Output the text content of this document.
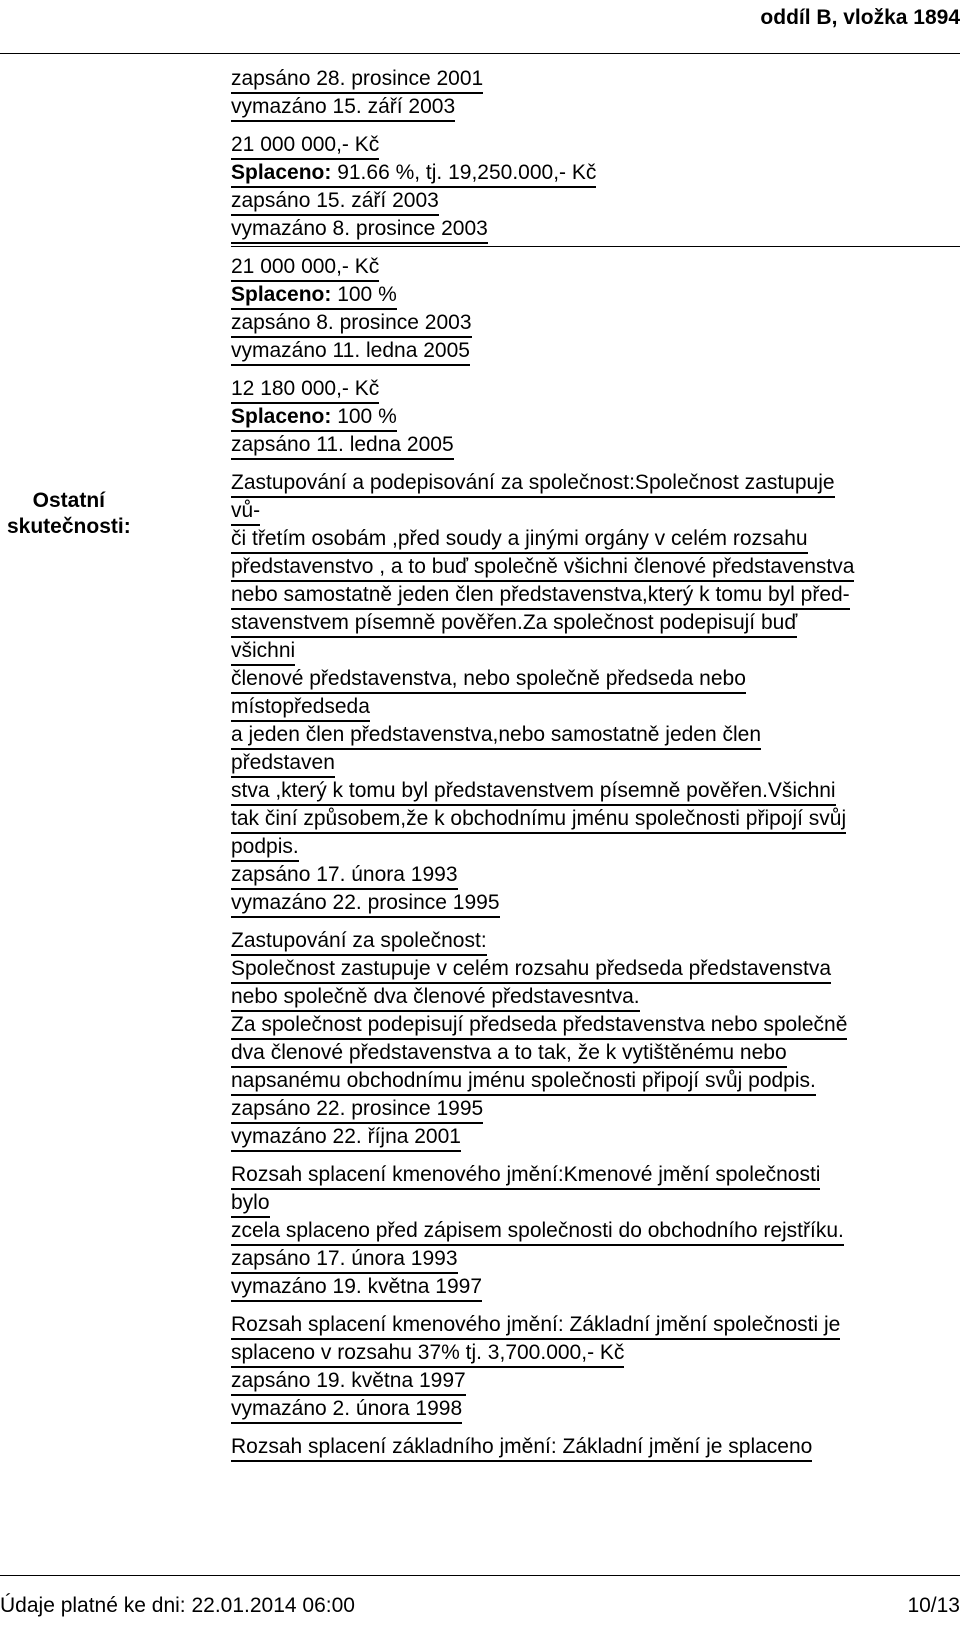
oddíl B, vložka 1894
Ostatní
skutečnosti:
zapsáno 28. prosince 2001
vymazáno 15. září 2003
21 000 000,- Kč
Splaceno: 91.66 %, tj. 19,250.000,- Kč
zapsáno 15. září 2003
vymazáno 8. prosince 2003
21 000 000,- Kč
Splaceno: 100 %
zapsáno 8. prosince 2003
vymazáno 11. ledna 2005
12 180 000,- Kč
Splaceno: 100 %
zapsáno 11. ledna 2005
Zastupování a podepisování za společnost:Společnost zastupuje
vů-
či třetím osobám ,před soudy a jinými orgány v celém rozsahu
představenstvo , a to buď společně všichni členové představenstva
nebo samostatně jeden člen představenstva,který k tomu byl před-
stavenstvem písemně pověřen.Za společnost podepisují buď
všichni
členové představenstva, nebo společně předseda nebo
místopředseda
a jeden člen představenstva,nebo samostatně jeden člen
představen
stva ,který k tomu byl představenstvem písemně pověřen.Všichni
tak činí způsobem,že k obchodnímu jménu společnosti připojí svůj
podpis.
zapsáno 17. února 1993
vymazáno 22. prosince 1995
Zastupování za společnost:
Společnost zastupuje v celém rozsahu předseda představenstva
nebo společně dva členové představesntva.
Za společnost podepisují předseda představenstva nebo společně
dva členové představenstva a to tak, že k vytištěnému nebo
napsanému obchodnímu jménu společnosti připojí svůj podpis.
zapsáno 22. prosince 1995
vymazáno 22. října 2001
Rozsah splacení kmenového jmění:Kmenové jmění společnosti
bylo
zcela splaceno před zápisem společnosti do obchodního rejstříku.
zapsáno 17. února 1993
vymazáno 19. května 1997
Rozsah splacení kmenového jmění: Základní jmění společnosti je
splaceno v rozsahu 37% tj. 3,700.000,- Kč
zapsáno 19. května 1997
vymazáno 2. února 1998
Rozsah splacení základního jmění: Základní jmění je splaceno
Údaje platné ke dni: 22.01.2014 06:00	10/13
